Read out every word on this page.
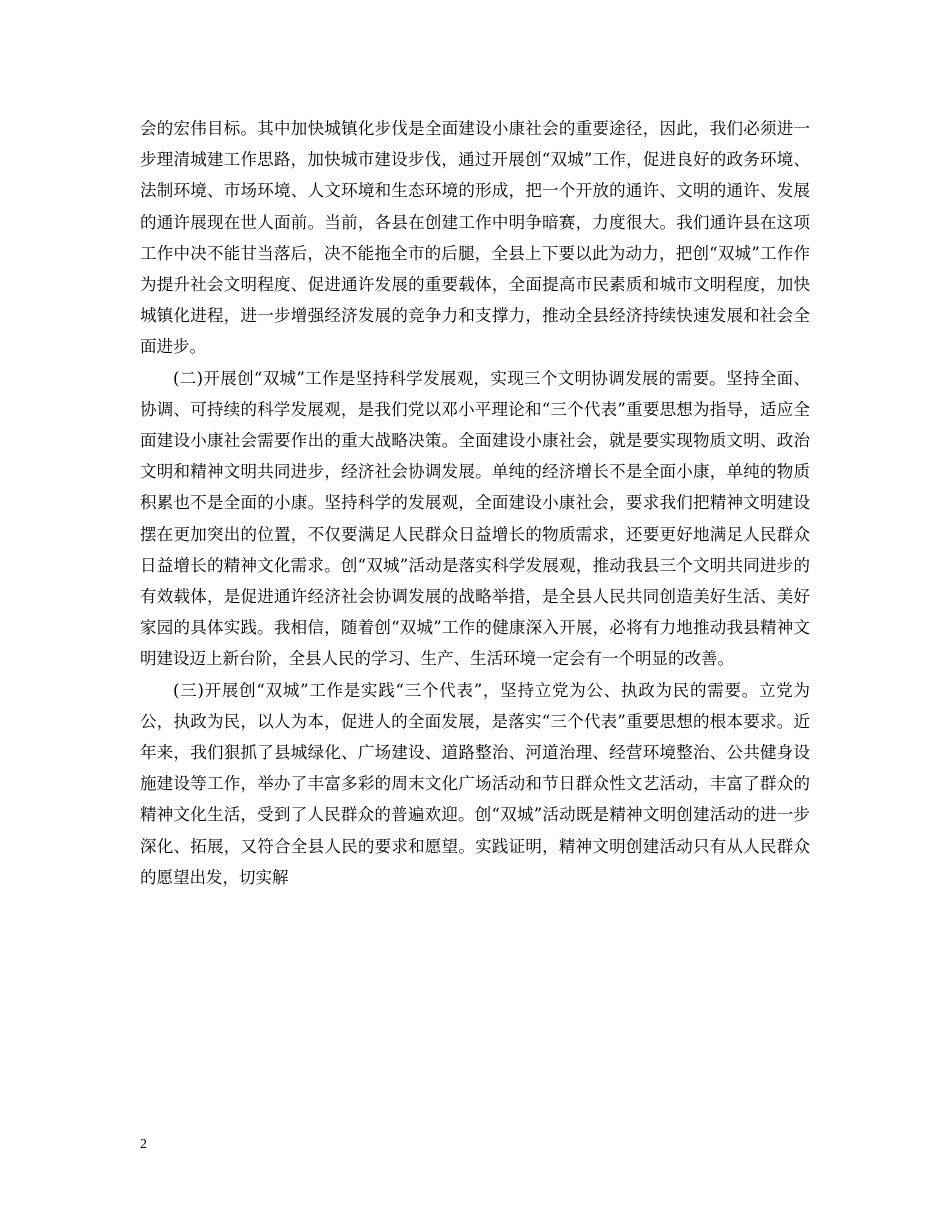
会的宏伟目标。其中加快城镇化步伐是全面建设小康社会的重要途径，因此，我们必须进一步理清城建工作思路，加快城市建设步伐，通过开展创“双城”工作，促进良好的政务环境、法制环境、市场环境、人文环境和生态环境的形成，把一个开放的通许、文明的通许、发展的通许展现在世人面前。当前，各县在创建工作中明争暗赛，力度很大。我们通许县在这项工作中决不能甘当落后，决不能拖全市的后腿，全县上下要以此为动力，把创“双城”工作作为提升社会文明程度、促进通许发展的重要载体，全面提高市民素质和城市文明程度，加快城镇化进程，进一步增强经济发展的竞争力和支撑力，推动全县经济持续快速发展和社会全面进步。

(二)开展创“双城”工作是坚持科学发展观，实现三个文明协调发展的需要。坚持全面、协调、可持续的科学发展观，是我们党以邓小平理论和“三个代表”重要思想为指导，适应全面建设小康社会需要作出的重大战略决策。全面建设小康社会，就是要实现物质文明、政治文明和精神文明共同进步，经济社会协调发展。单纯的经济增长不是全面小康，单纯的物质积累也不是全面的小康。坚持科学的发展观，全面建设小康社会，要求我们把精神文明建设摆在更加突出的位置，不仅要满足人民群众日益增长的物质需求，还要更好地满足人民群众日益增长的精神文化需求。创“双城”活动是落实科学发展观，推动我县三个文明共同进步的有效载体，是促进通许经济社会协调发展的战略举措，是全县人民共同创造美好生活、美好家园的具体实践。我相信，随着创“双城”工作的健康深入开展，必将有力地推动我县精神文明建设迈上新台阶，全县人民的学习、生产、生活环境一定会有一个明显的改善。

(三)开展创“双城”工作是实践“三个代表”，坚持立党为公、执政为民的需要。立党为公，执政为民，以人为本，促进人的全面发展，是落实“三个代表”重要思想的根本要求。近年来，我们狠抓了县城绿化、广场建设、道路整治、河道治理、经营环境整治、公共健身设施建设等工作，举办了丰富多彩的周末文化广场活动和节日群众性文艺活动，丰富了群众的精神文化生活，受到了人民群众的普遍欢迎。创“双城”活动既是精神文明创建活动的进一步深化、拓展，又符合全县人民的要求和愿望。实践证明，精神文明创建活动只有从人民群众的愿望出发，切实解

2
